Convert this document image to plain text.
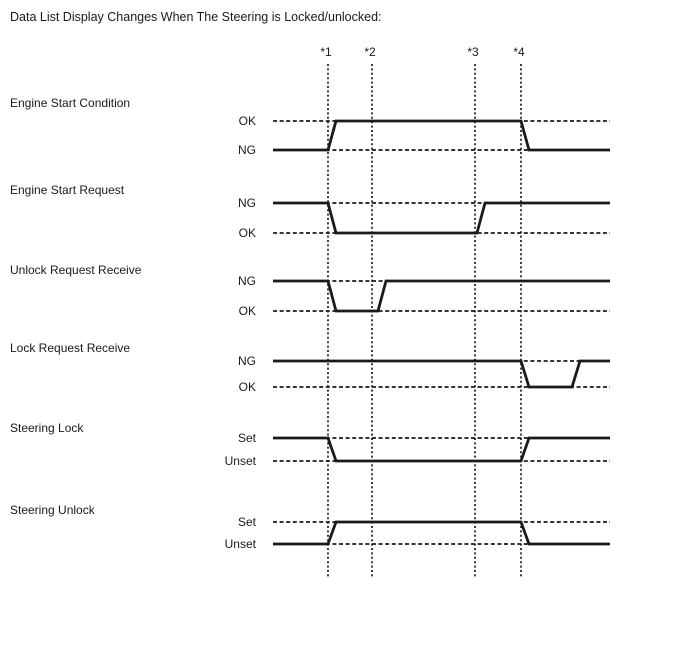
Data List Display Changes When The Steering is Locked/unlocked:
*1	*2	*3	*4
Engine Start Condition
OK
NG
Engine Start Request
NG
OK
Unlock Request Receive
NG
OK
Lock Request Receive
NG
OK
Steering Lock
Set
Unset
Steering Unlock
Set
Unset
